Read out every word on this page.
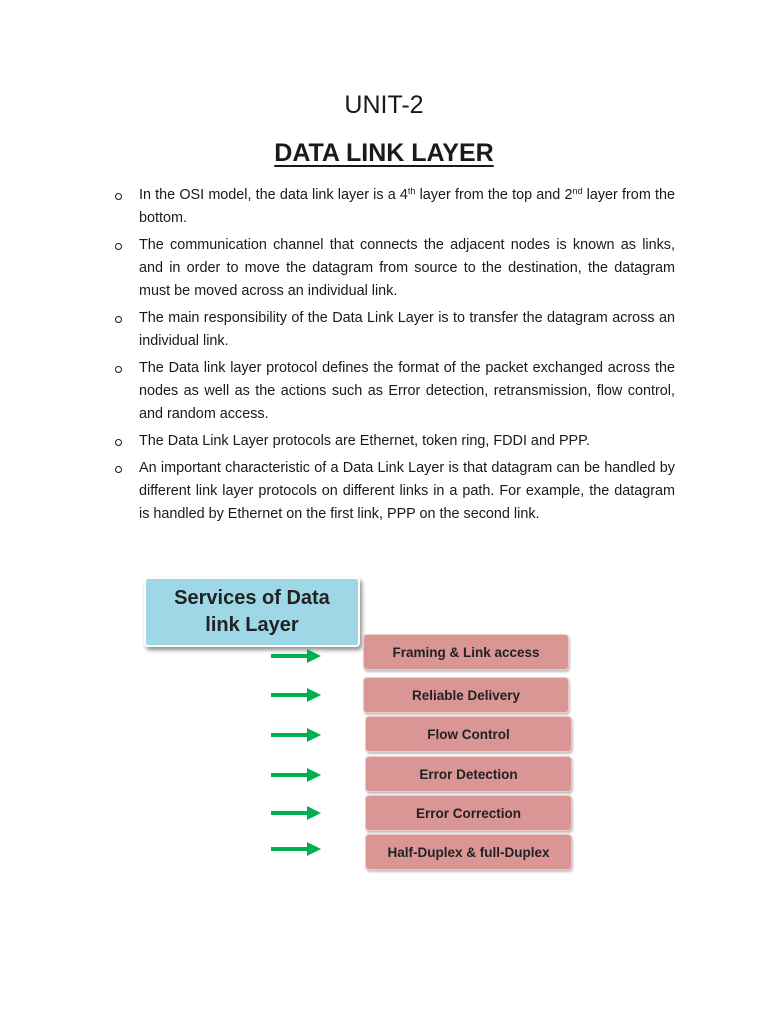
UNIT-2
DATA LINK LAYER
In the OSI model, the data link layer is a 4th layer from the top and 2nd layer from the bottom.
The communication channel that connects the adjacent nodes is known as links, and in order to move the datagram from source to the destination, the datagram must be moved across an individual link.
The main responsibility of the Data Link Layer is to transfer the datagram across an individual link.
The Data link layer protocol defines the format of the packet exchanged across the nodes as well as the actions such as Error detection, retransmission, flow control, and random access.
The Data Link Layer protocols are Ethernet, token ring, FDDI and PPP.
An important characteristic of a Data Link Layer is that datagram can be handled by different link layer protocols on different links in a path. For example, the datagram is handled by Ethernet on the first link, PPP on the second link.
Services of Data link Layer
Framing & Link access
Reliable Delivery
Flow Control
Error Detection
Error Correction
Half-Duplex & full-Duplex
